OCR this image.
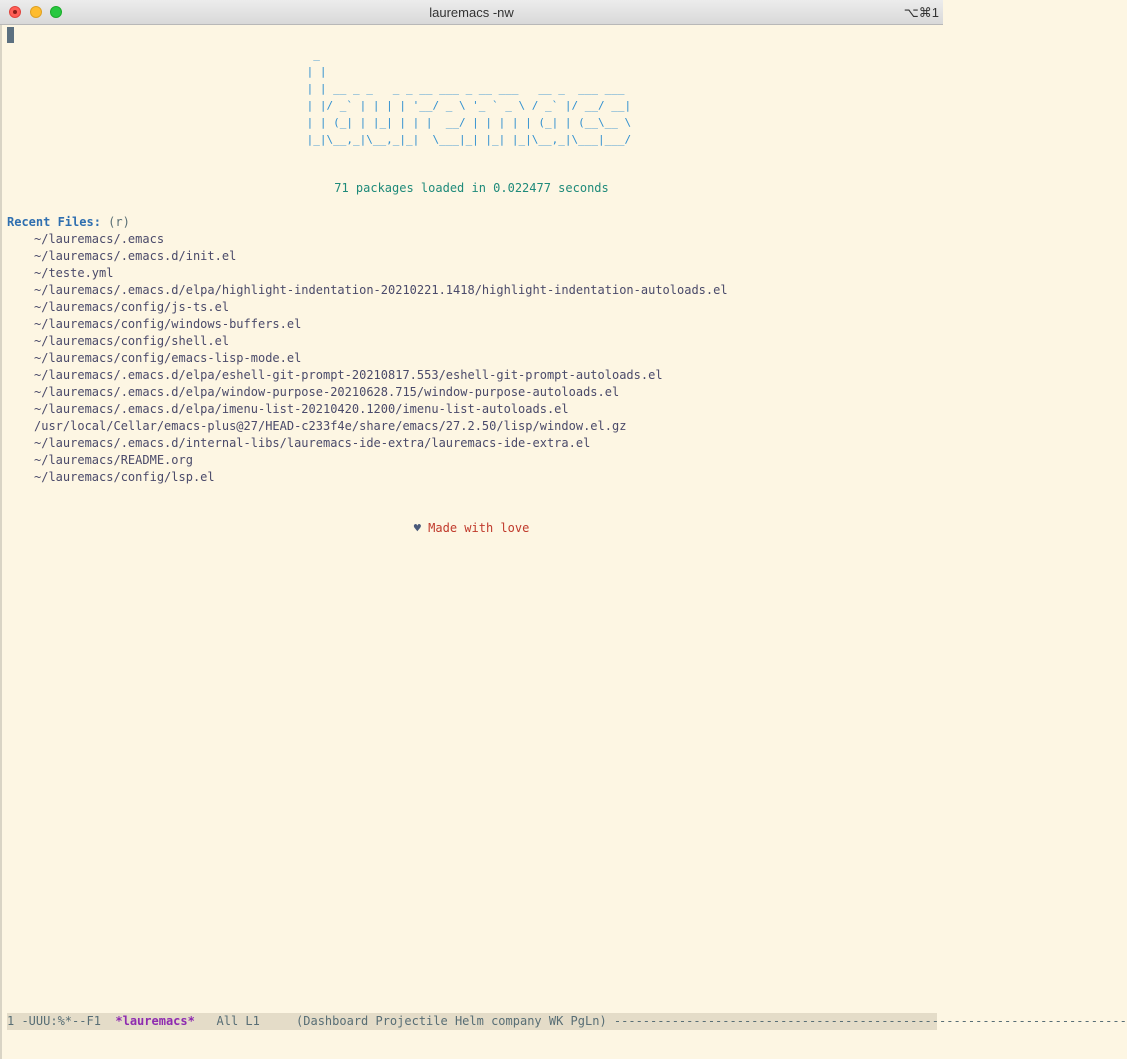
lauremacs -nw	⌥⌘1
_
| |
| | __ _ _   _ _ __ ___ _ __ ___   __ _  ___ ___
| |/ _` | | | | '__/ _ \ '_ ` _ \ / _` |/ __/ __|
| | (_| | |_| | | |  __/ | | | | | (_| | (__\__ \
|_|\__,_|\__,_|_|  \___|_| |_| |_|\__,_|\___|___/
71 packages loaded in 0.022477 seconds
Recent Files: (r)
~/lauremacs/.emacs
~/lauremacs/.emacs.d/init.el
~/teste.yml
~/lauremacs/.emacs.d/elpa/highlight-indentation-20210221.1418/highlight-indentation-autoloads.el
~/lauremacs/config/js-ts.el
~/lauremacs/config/windows-buffers.el
~/lauremacs/config/shell.el
~/lauremacs/config/emacs-lisp-mode.el
~/lauremacs/.emacs.d/elpa/eshell-git-prompt-20210817.553/eshell-git-prompt-autoloads.el
~/lauremacs/.emacs.d/elpa/window-purpose-20210628.715/window-purpose-autoloads.el
~/lauremacs/.emacs.d/elpa/imenu-list-20210420.1200/imenu-list-autoloads.el
/usr/local/Cellar/emacs-plus@27/HEAD-c233f4e/share/emacs/27.2.50/lisp/window.el.gz
~/lauremacs/.emacs.d/internal-libs/lauremacs-ide-extra/lauremacs-ide-extra.el
~/lauremacs/README.org
~/lauremacs/config/lsp.el
♥ Made with love
1 -UUU:%*--F1  *lauremacs*   All L1     (Dashboard Projectile Helm company WK PgLn) -----------------------------------------------------------------------
